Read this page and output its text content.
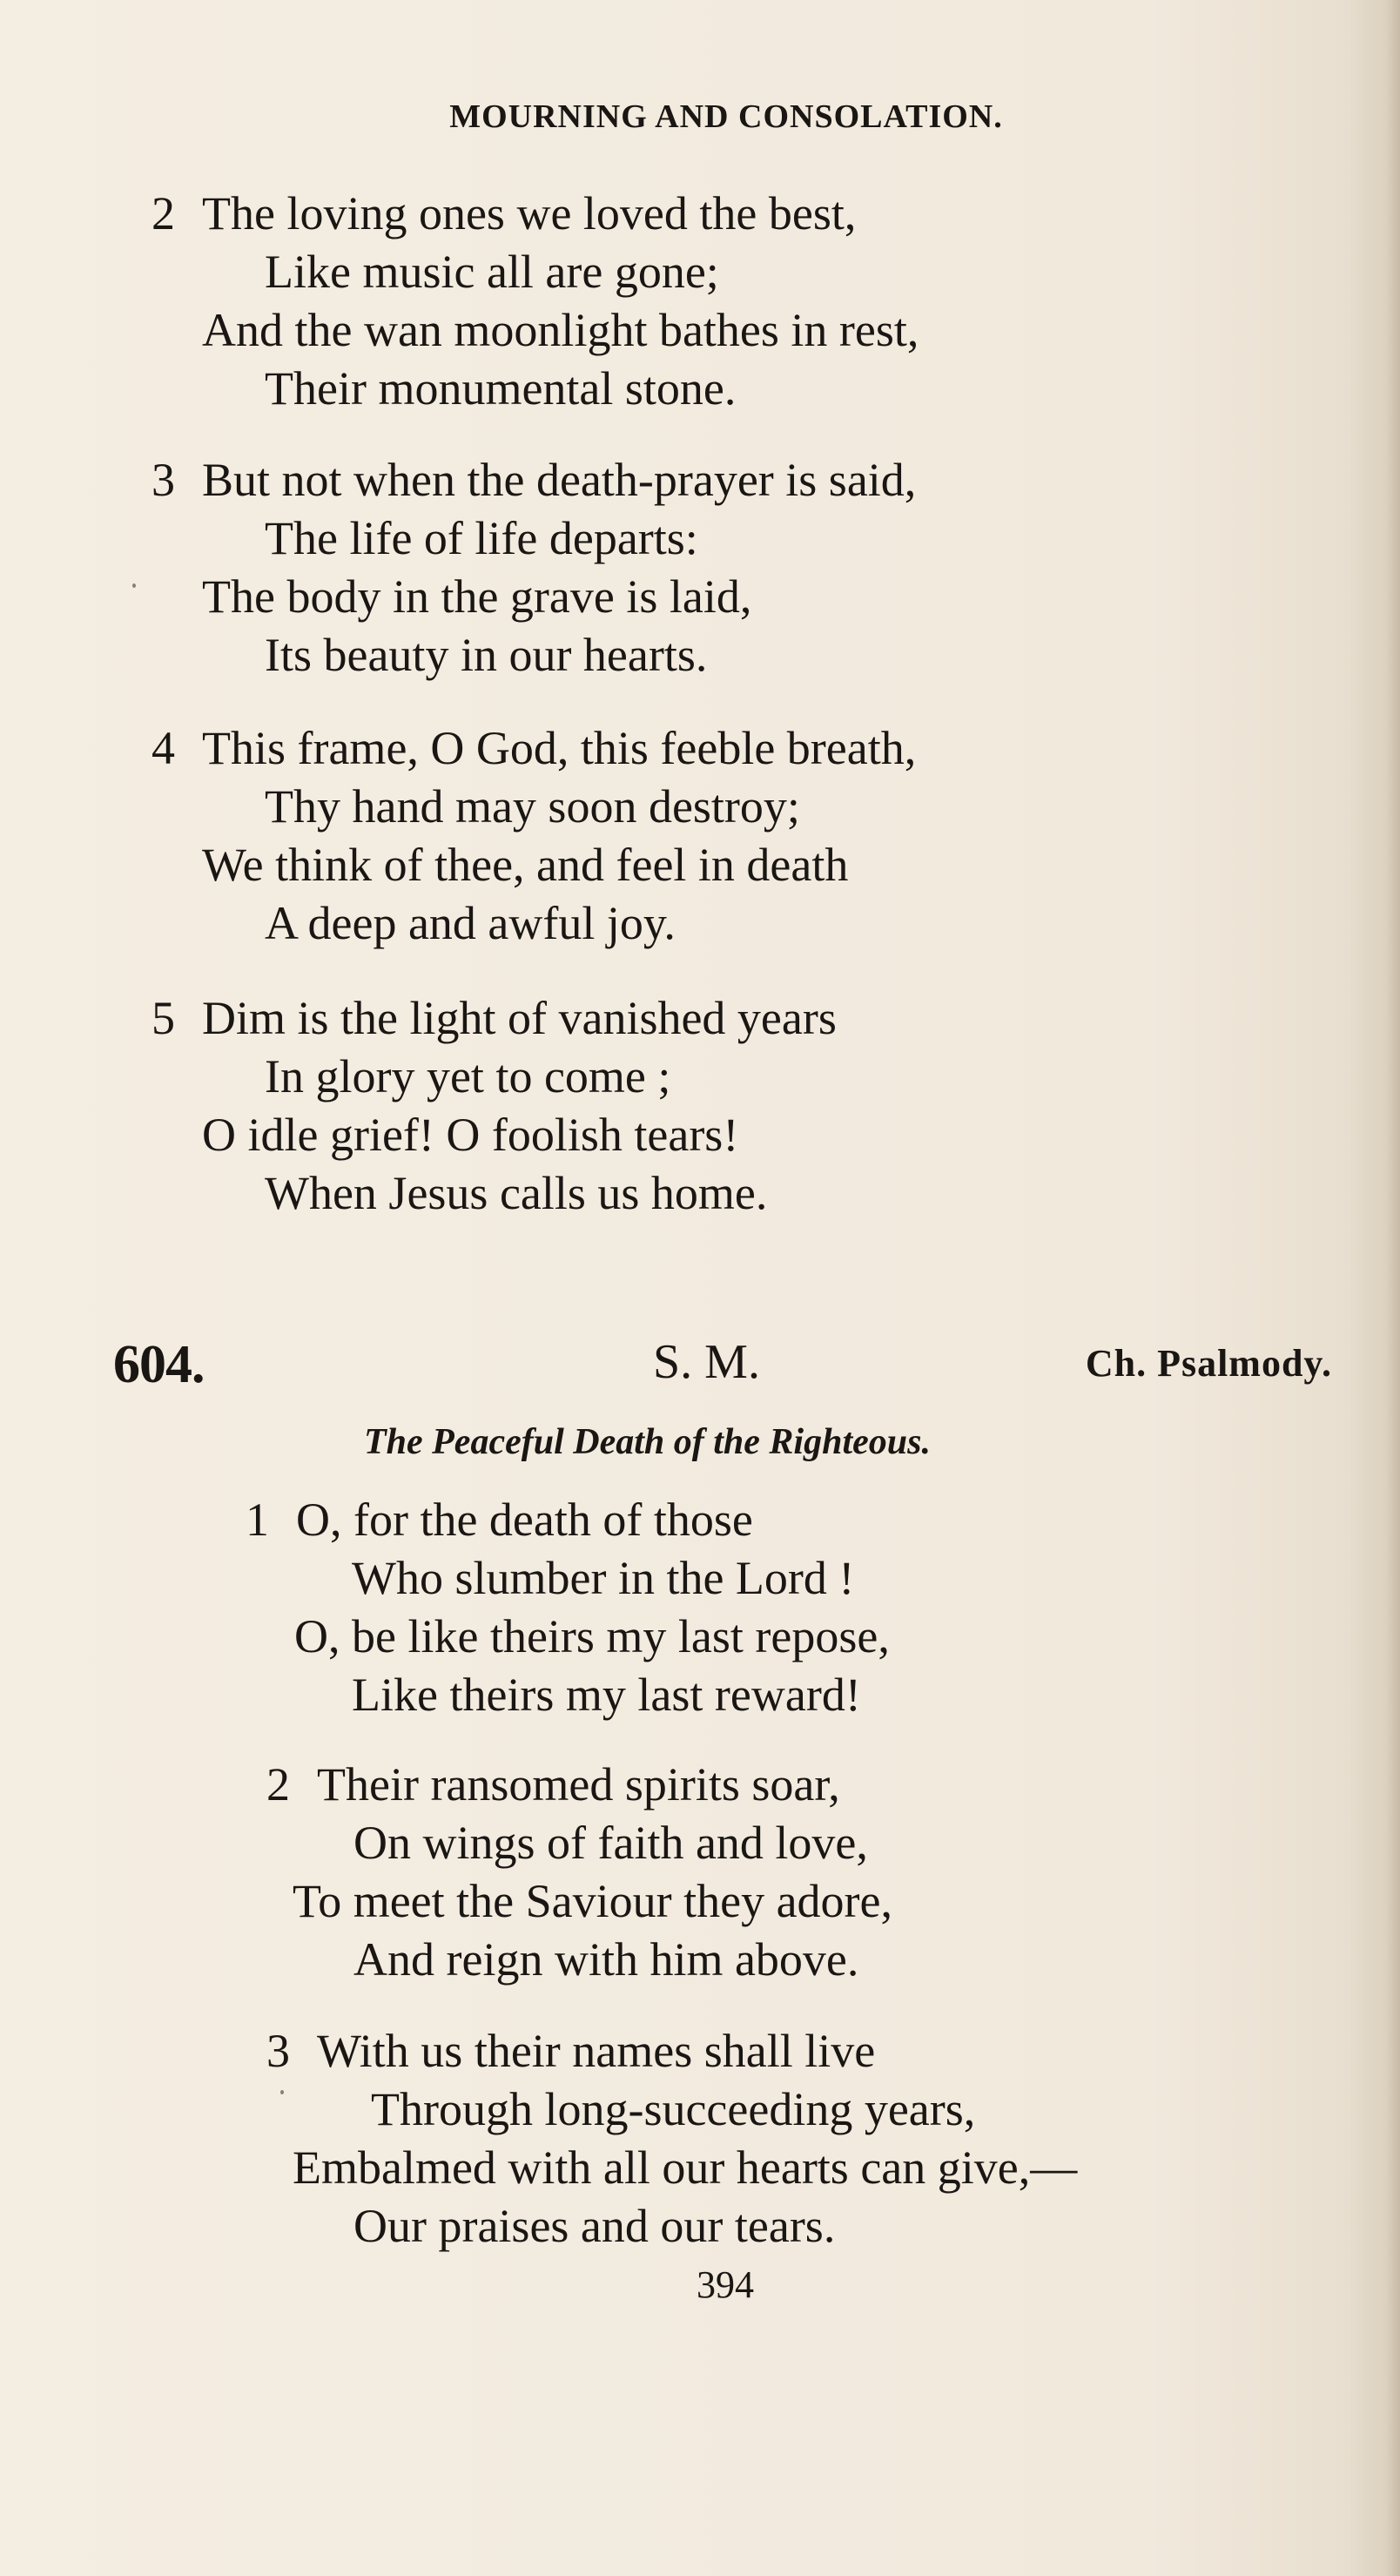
MOURNING AND CONSOLATION.
2 The loving ones we loved the best,
Like music all are gone;
And the wan moonlight bathes in rest,
Their monumental stone.
3 But not when the death-prayer is said,
The life of life departs:
The body in the grave is laid,
Its beauty in our hearts.
4 This frame, O God, this feeble breath,
Thy hand may soon destroy;
We think of thee, and feel in death
A deep and awful joy.
5 Dim is the light of vanished years
In glory yet to come ;
O idle grief! O foolish tears!
When Jesus calls us home.
604.	S. M.	Ch. Psalmody.
The Peaceful Death of the Righteous.
1 O, for the death of those
Who slumber in the Lord !
O, be like theirs my last repose,
Like theirs my last reward!
2 Their ransomed spirits soar,
On wings of faith and love,
To meet the Saviour they adore,
And reign with him above.
3 With us their names shall live
Through long-succeeding years,
Embalmed with all our hearts can give,—
Our praises and our tears.
394
